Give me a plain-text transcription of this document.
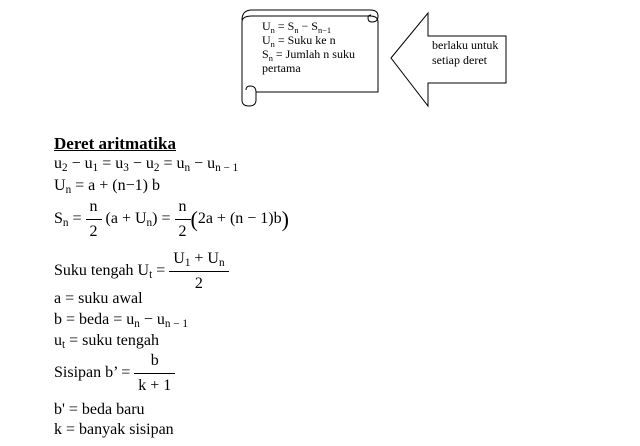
$U_n = S_n - S_{n-1}$
$U_n$ = Suku ke n
$S_n$ = Jumlah n suku
pertama
berlaku untuk
setiap deret
Deret aritmatika
$u_2 - u_1 = u_3 - u_2 = u_n - u_{n - 1}$
$U_n = a + (n-1)$ b
$S_n = \frac{n}{2} (a + U_n) = \frac{n}{2} (2a + (n - 1)b)$
Suku tengah $U_t = \frac{U_1 + U_n}{2}$
a = suku awal
b = beda = $u_n - u_{n - 1}$
$u_t$ = suku tengah
Sisipan b’ = $\frac{b}{k + 1}$
b' = beda baru
k = banyak sisipan
